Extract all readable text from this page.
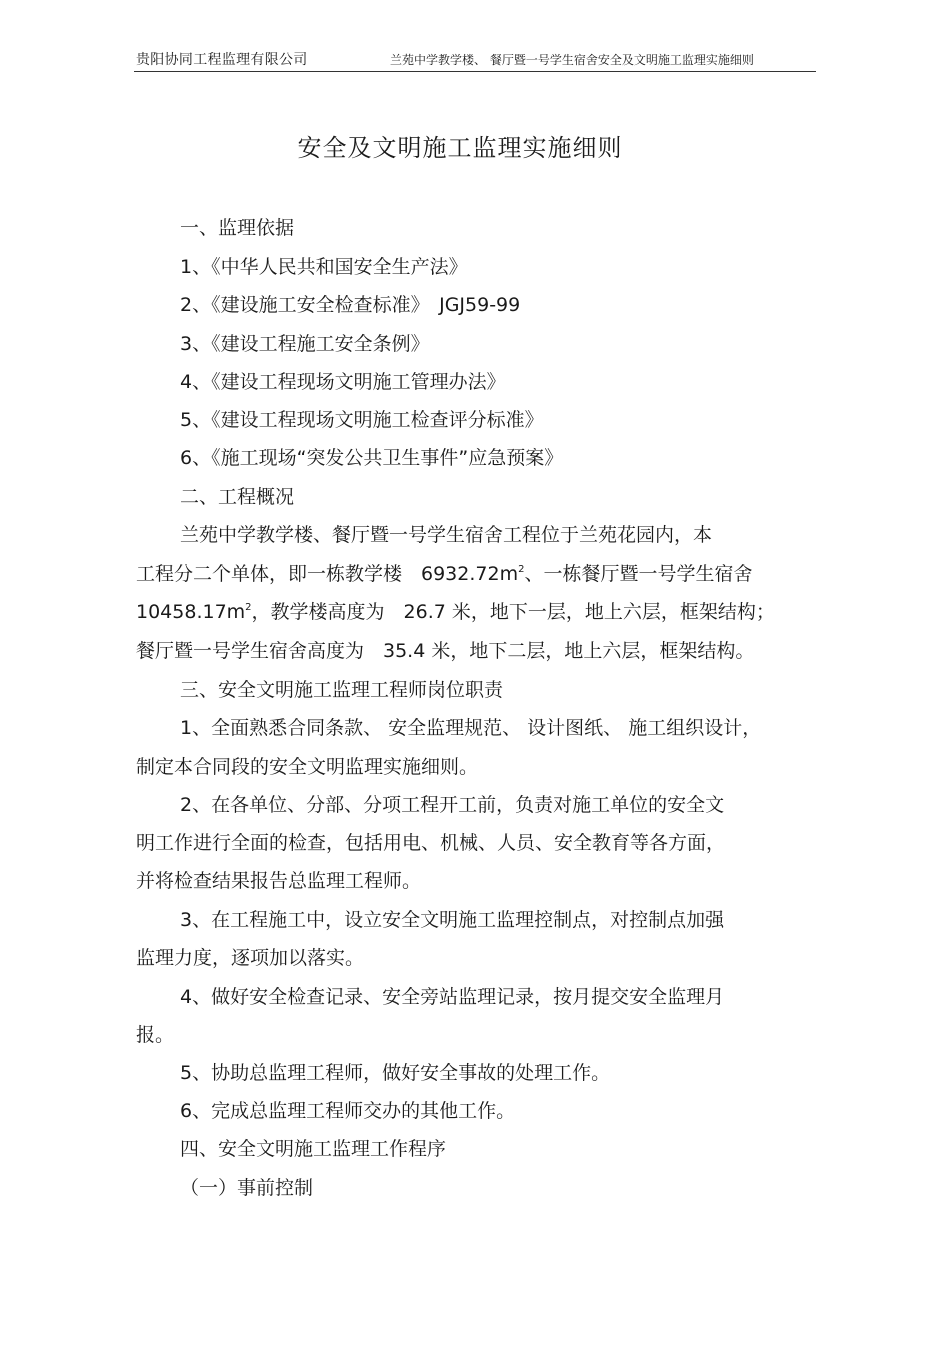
贵阳协同工程监理有限公司	兰苑中学教学楼、 餐厅暨一号学生宿舍安全及文明施工监理实施细则
安全及文明施工监理实施细则
一、监理依据
1、《中华人民共和国安全生产法》
2、《建设施工安全检查标准》　JGJ59-99
3、《建设工程施工安全条例》
4、《建设工程现场文明施工管理办法》
5、《建设工程现场文明施工检查评分标准》
6、《施工现场“突发公共卫生事件”应急预案》
二、工程概况
兰苑中学教学楼、餐厅暨一号学生宿舍工程位于兰苑花园内，本
工程分二个单体，即一栋教学楼　$6932.72m^2$、一栋餐厅暨一号学生宿舍
$10458.17m^2$，教学楼高度为　26.7 米，地下一层，地上六层，框架结构；
餐厅暨一号学生宿舍高度为　35.4 米，地下二层，地上六层，框架结构。
三、安全文明施工监理工程师岗位职责
1、全面熟悉合同条款、 安全监理规范、 设计图纸、 施工组织设计，
制定本合同段的安全文明监理实施细则。
2、在各单位、分部、分项工程开工前，负责对施工单位的安全文
明工作进行全面的检查，包括用电、机械、人员、安全教育等各方面，
并将检查结果报告总监理工程师。
3、在工程施工中，设立安全文明施工监理控制点，对控制点加强
监理力度，逐项加以落实。
4、做好安全检查记录、安全旁站监理记录，按月提交安全监理月
报。
5、协助总监理工程师，做好安全事故的处理工作。
6、完成总监理工程师交办的其他工作。
四、安全文明施工监理工作程序
（一）事前控制
